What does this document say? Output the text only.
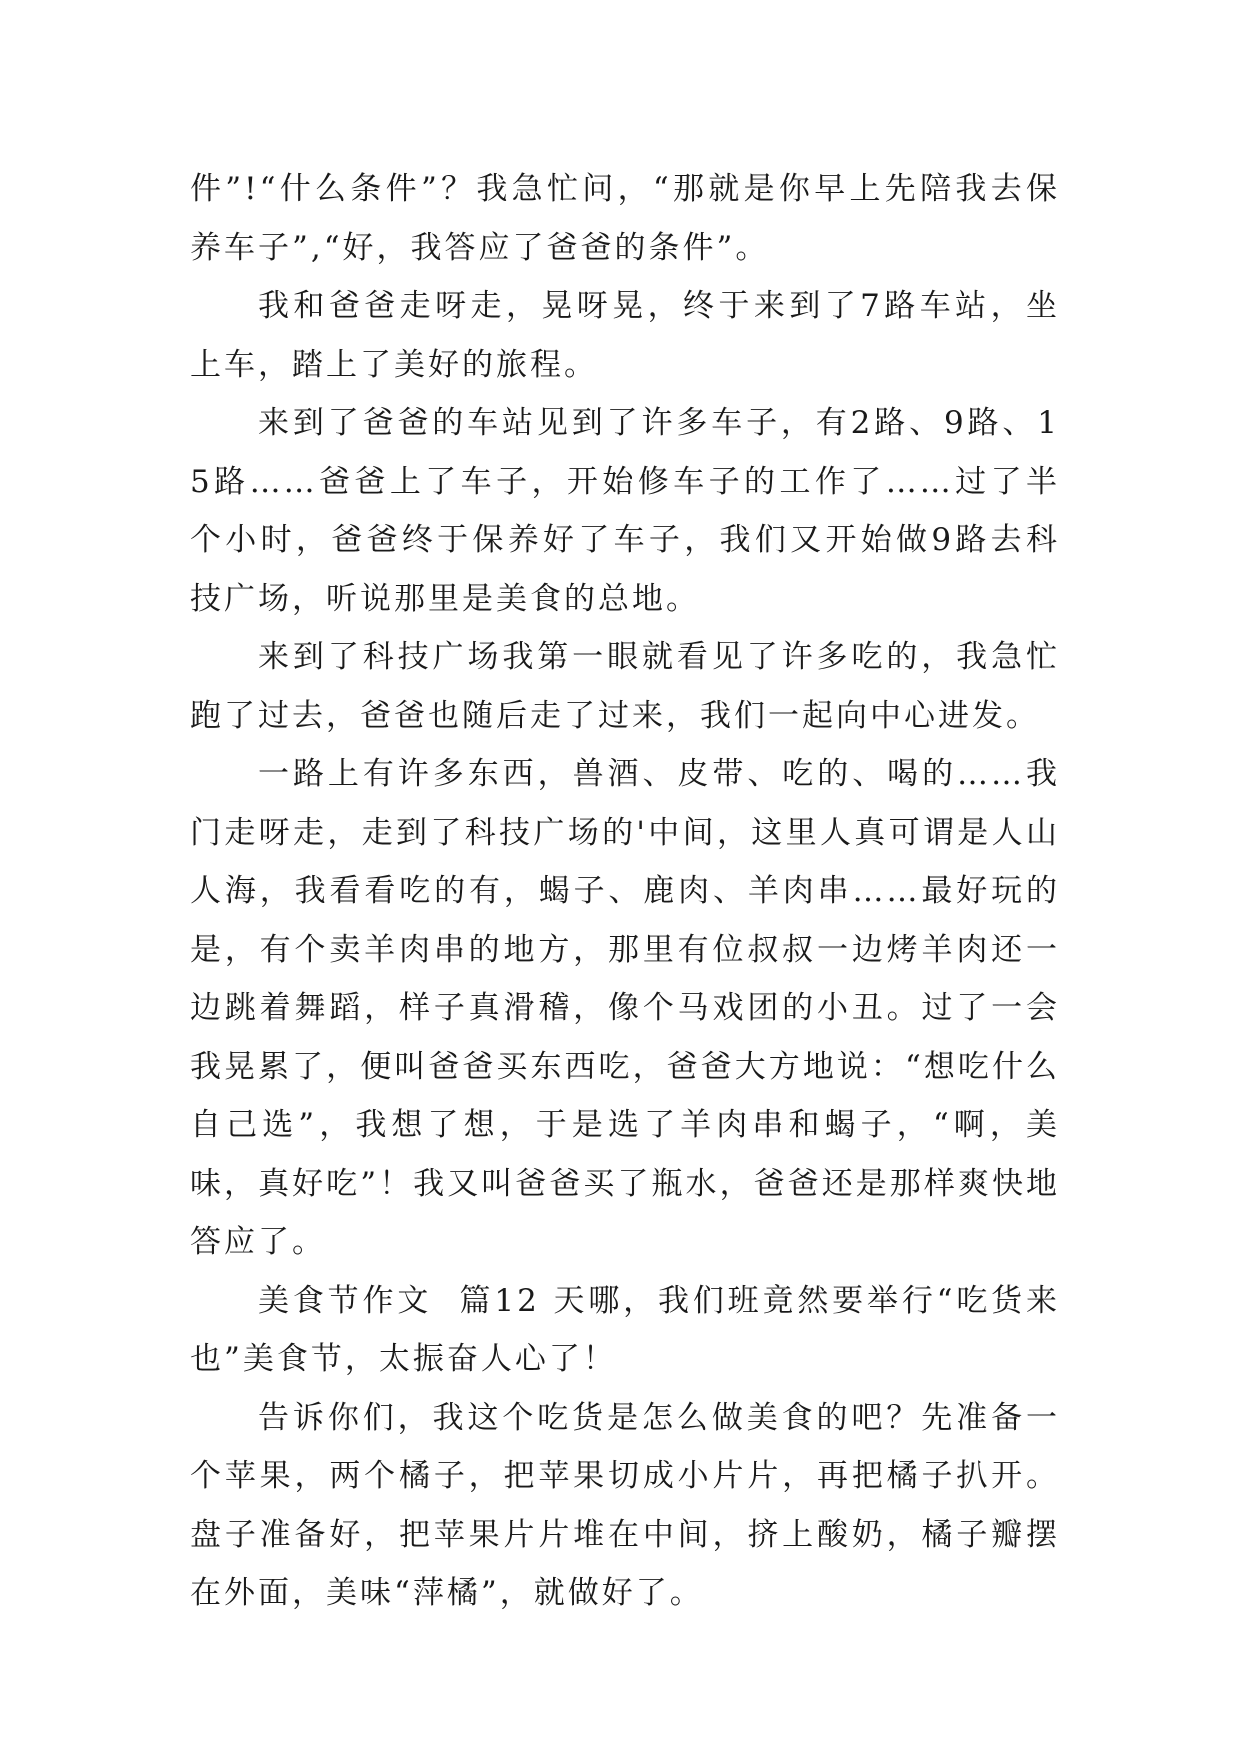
件”!“什么条件”？我急忙问，“那就是你早上先陪我去保养车子”,“好，我答应了爸爸的条件”。

我和爸爸走呀走，晃呀晃，终于来到了7路车站，坐上车，踏上了美好的旅程。

来到了爸爸的车站见到了许多车子，有2路、9路、15路……爸爸上了车子，开始修车子的工作了……过了半个小时，爸爸终于保养好了车子，我们又开始做9路去科技广场，听说那里是美食的总地。

来到了科技广场我第一眼就看见了许多吃的，我急忙跑了过去，爸爸也随后走了过来，我们一起向中心进发。

一路上有许多东西，兽酒、皮带、吃的、喝的……我门走呀走，走到了科技广场的'中间，这里人真可谓是人山人海，我看看吃的有，蝎子、鹿肉、羊肉串……最好玩的是，有个卖羊肉串的地方，那里有位叔叔一边烤羊肉还一边跳着舞蹈，样子真滑稽，像个马戏团的小丑。过了一会我晃累了，便叫爸爸买东西吃，爸爸大方地说：“想吃什么自己选”，我想了想，于是选了羊肉串和蝎子，“啊，美味，真好吃”！我又叫爸爸买了瓶水，爸爸还是那样爽快地答应了。

美食节作文  篇12 天哪，我们班竟然要举行“吃货来也”美食节，太振奋人心了！

告诉你们，我这个吃货是怎么做美食的吧？先准备一个苹果，两个橘子，把苹果切成小片片，再把橘子扒开。盘子准备好，把苹果片片堆在中间，挤上酸奶，橘子瓣摆在外面，美味“萍橘”，就做好了。
